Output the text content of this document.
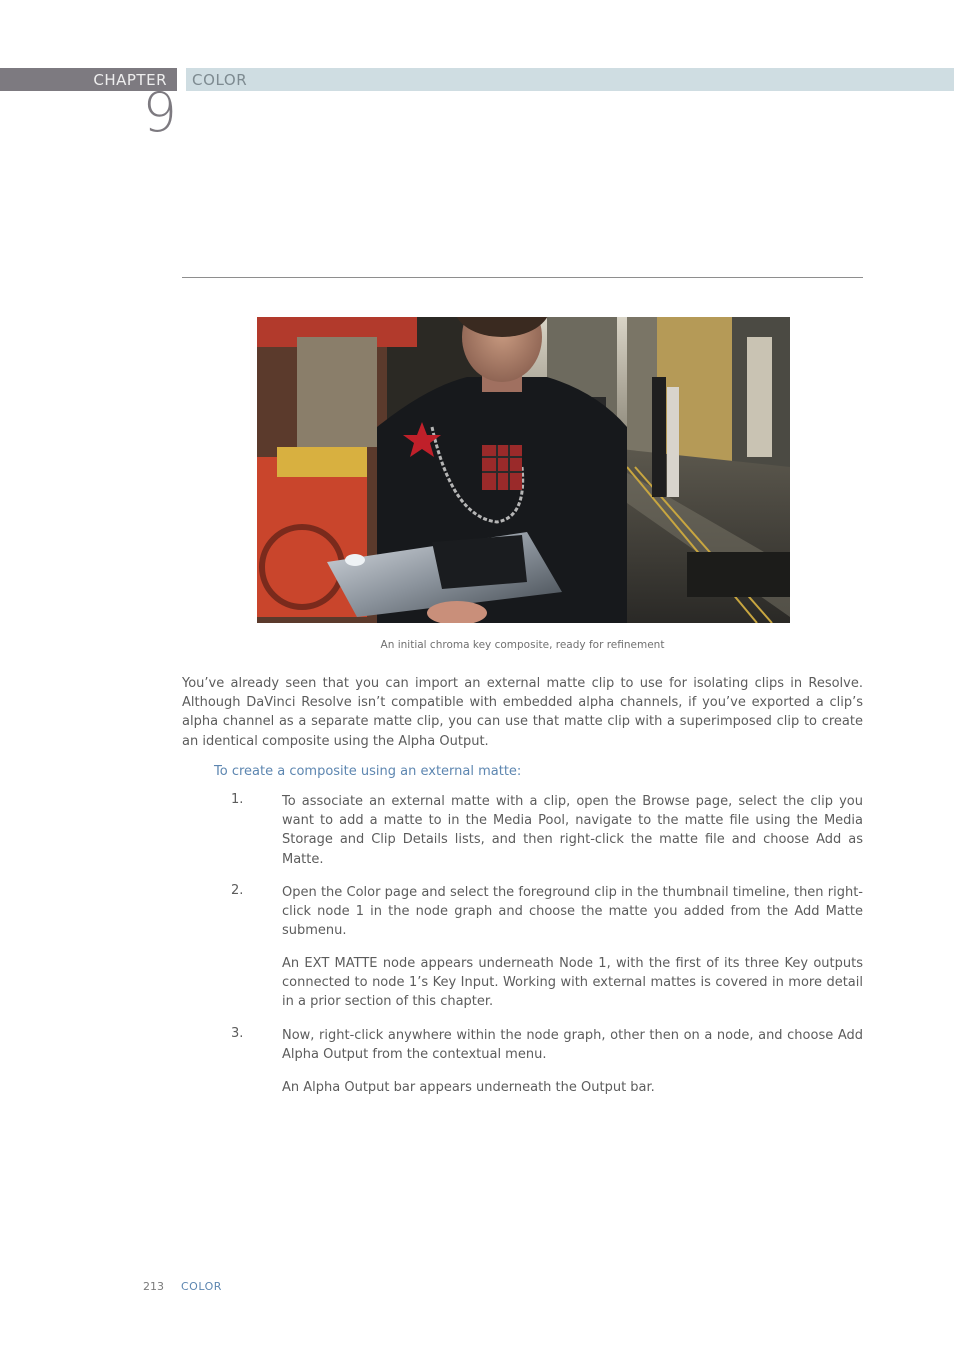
CHAPTER COLOR
9
An initial chroma key composite, ready for refinement

You’ve already seen that you can import an external matte clip to use for isolating clips in Resolve. Although DaVinci Resolve isn’t compatible with embedded alpha channels, if you’ve exported a clip’s alpha channel as a separate matte clip, you can use that matte clip with a superimposed clip to create an identical composite using the Alpha Output.

To create a composite using an external matte:
1.	To associate an external matte with a clip, open the Browse page, select the clip you want to add a matte to in the Media Pool, navigate to the matte file using the Media Storage and Clip Details lists, and then right-click the matte file and choose Add as Matte.

2.	Open the Color page and select the foreground clip in the thumbnail timeline, then right-click node 1 in the node graph and choose the matte you added from the Add Matte submenu.

An EXT MATTE node appears underneath Node 1, with the first of its three Key outputs connected to node 1’s Key Input. Working with external mattes is covered in more detail in a prior section of this chapter.

3.	Now, right-click anywhere within the node graph, other then on a node, and choose Add Alpha Output from the contextual menu.

An Alpha Output bar appears underneath the Output bar.

213 COLOR
